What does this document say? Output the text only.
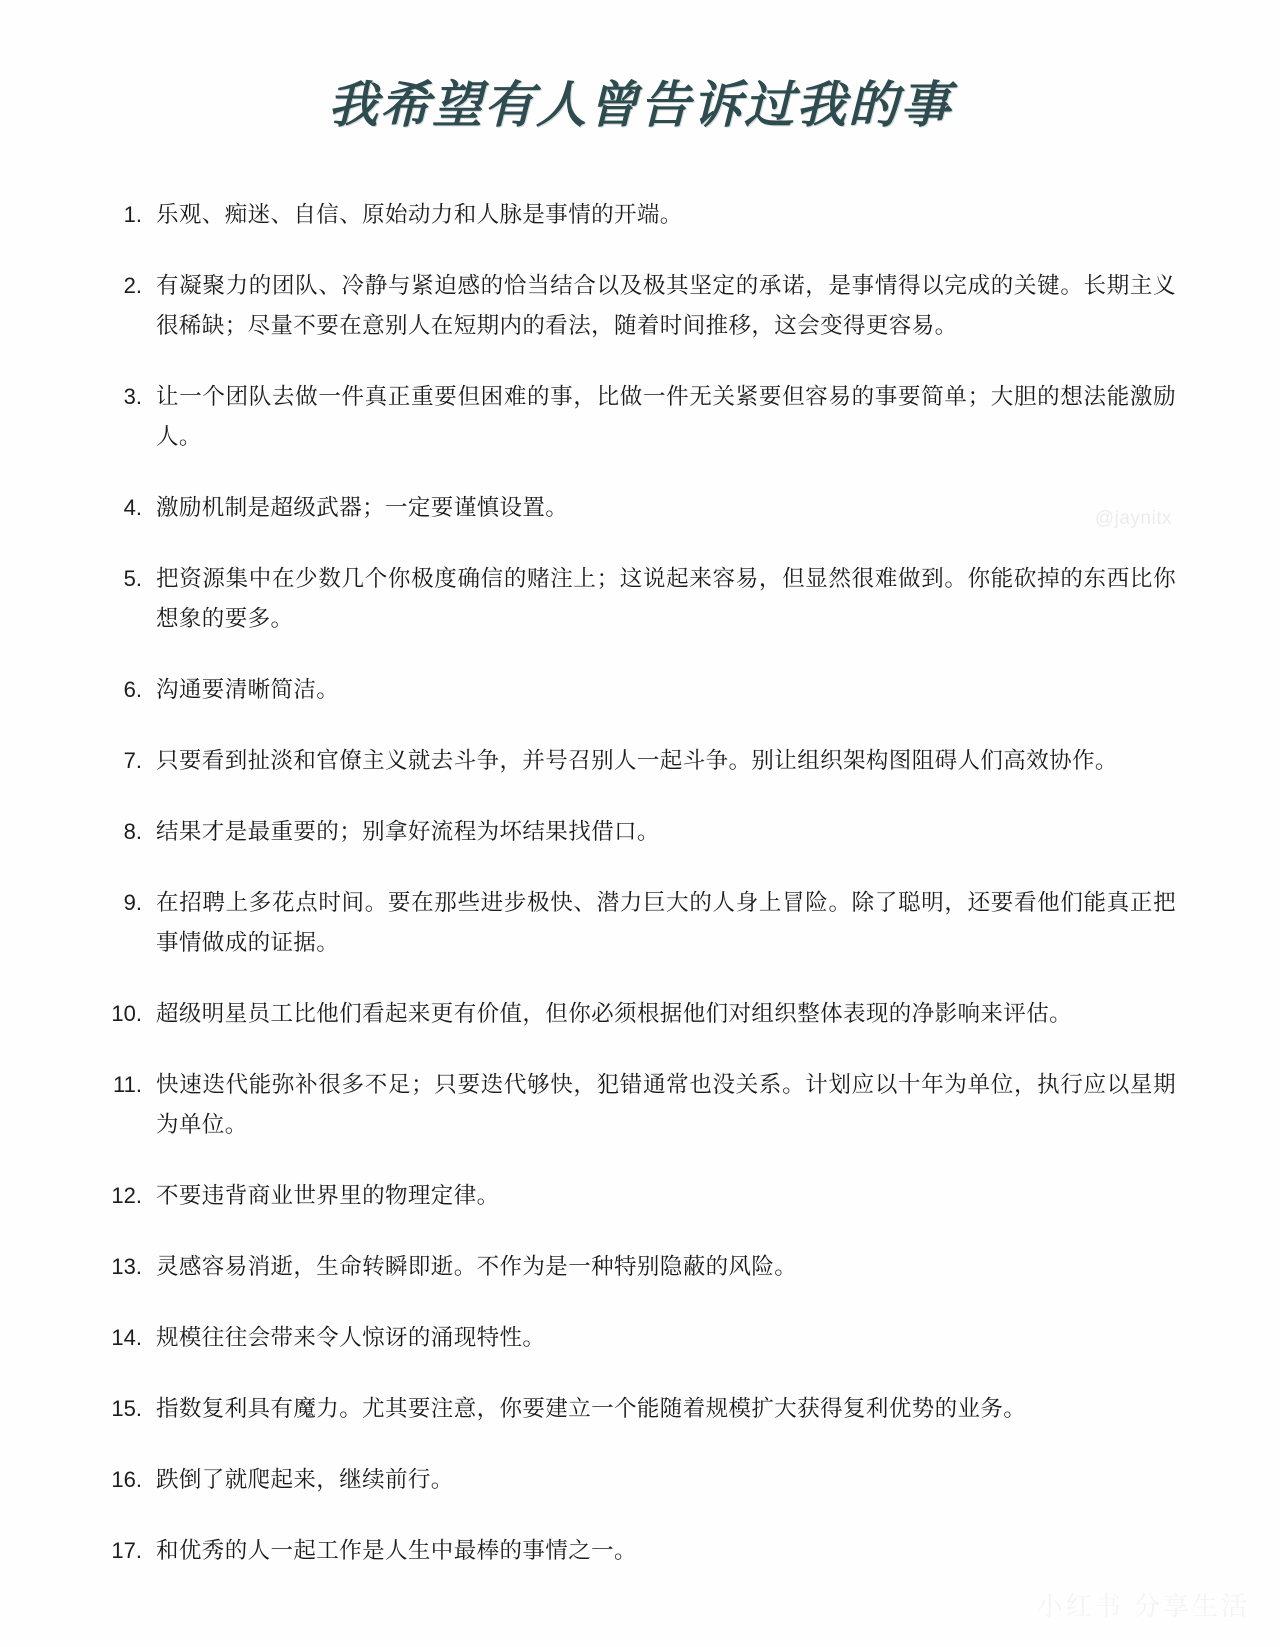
我希望有人曾告诉过我的事
1. 乐观、痴迷、自信、原始动力和人脉是事情的开端。
2. 有凝聚力的团队、冷静与紧迫感的恰当结合以及极其坚定的承诺，是事情得以完成的关键。长期主义很稀缺；尽量不要在意别人在短期内的看法，随着时间推移，这会变得更容易。
3. 让一个团队去做一件真正重要但困难的事，比做一件无关紧要但容易的事要简单；大胆的想法能激励人。
4. 激励机制是超级武器；一定要谨慎设置。
5. 把资源集中在少数几个你极度确信的赌注上；这说起来容易，但显然很难做到。你能砍掉的东西比你想象的要多。
6. 沟通要清晰简洁。
7. 只要看到扯淡和官僚主义就去斗争，并号召别人一起斗争。别让组织架构图阻碍人们高效协作。
8. 结果才是最重要的；别拿好流程为坏结果找借口。
9. 在招聘上多花点时间。要在那些进步极快、潜力巨大的人身上冒险。除了聪明，还要看他们能真正把事情做成的证据。
10. 超级明星员工比他们看起来更有价值，但你必须根据他们对组织整体表现的净影响来评估。
11. 快速迭代能弥补很多不足；只要迭代够快，犯错通常也没关系。计划应以十年为单位，执行应以星期为单位。
12. 不要违背商业世界里的物理定律。
13. 灵感容易消逝，生命转瞬即逝。不作为是一种特别隐蔽的风险。
14. 规模往往会带来令人惊讶的涌现特性。
15. 指数复利具有魔力。尤其要注意，你要建立一个能随着规模扩大获得复利优势的业务。
16. 跌倒了就爬起来，继续前行。
17. 和优秀的人一起工作是人生中最棒的事情之一。
@jaynitx
小红书 分享生活
